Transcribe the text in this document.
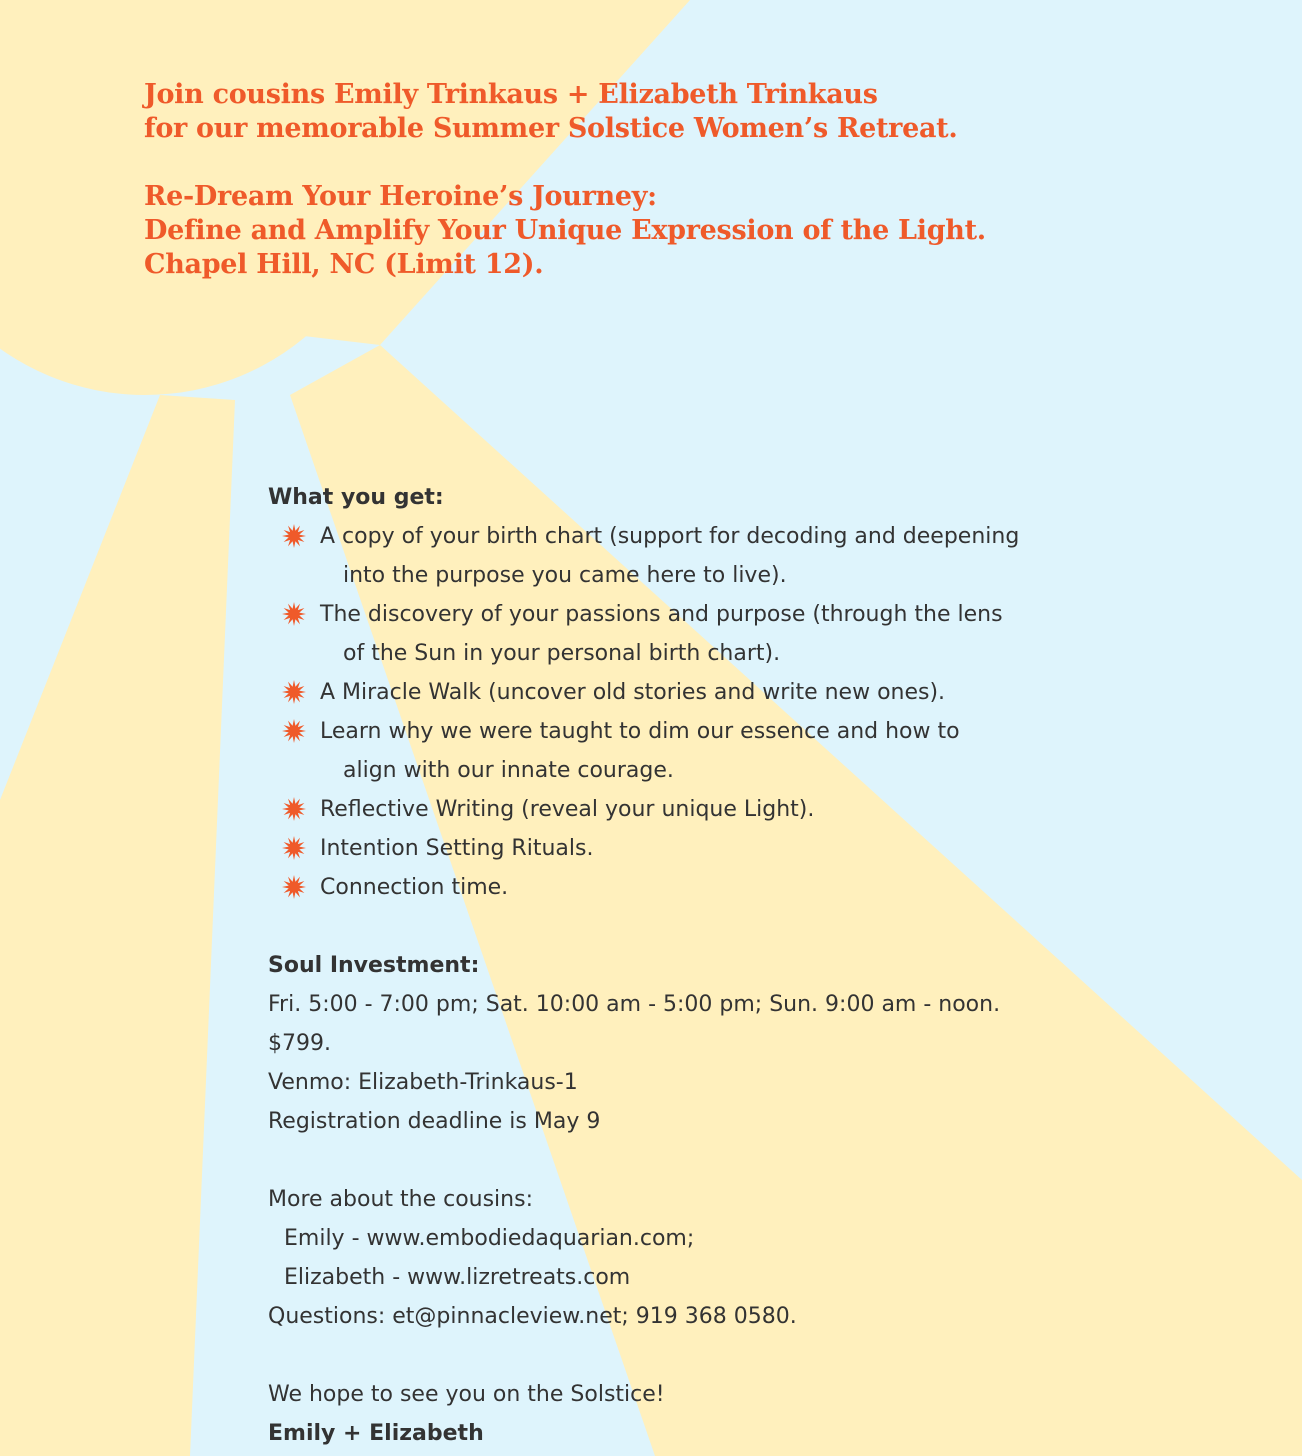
Join cousins Emily Trinkaus + Elizabeth Trinkaus
for our memorable Summer Solstice Women’s Retreat.
Re-Dream Your Heroine’s Journey:
Define and Amplify Your Unique Expression of the Light.
Chapel Hill, NC (Limit 12).
What you get:
A copy of your birth chart (support for decoding and deepening
into the purpose you came here to live).
The discovery of your passions and purpose (through the lens
of the Sun in your personal birth chart).
A Miracle Walk (uncover old stories and write new ones).
Learn why we were taught to dim our essence and how to
align with our innate courage.
Reflective Writing (reveal your unique Light).
Intention Setting Rituals.
Connection time.
Soul Investment:
Fri. 5:00 - 7:00 pm; Sat. 10:00 am - 5:00 pm; Sun. 9:00 am - noon.
$799.
Venmo: Elizabeth-Trinkaus-1
Registration deadline is May 9
More about the cousins:
Emily - www.embodiedaquarian.com;
Elizabeth - www.lizretreats.com
Questions: et@pinnacleview.net; 919 368 0580.
We hope to see you on the Solstice!
Emily + Elizabeth
